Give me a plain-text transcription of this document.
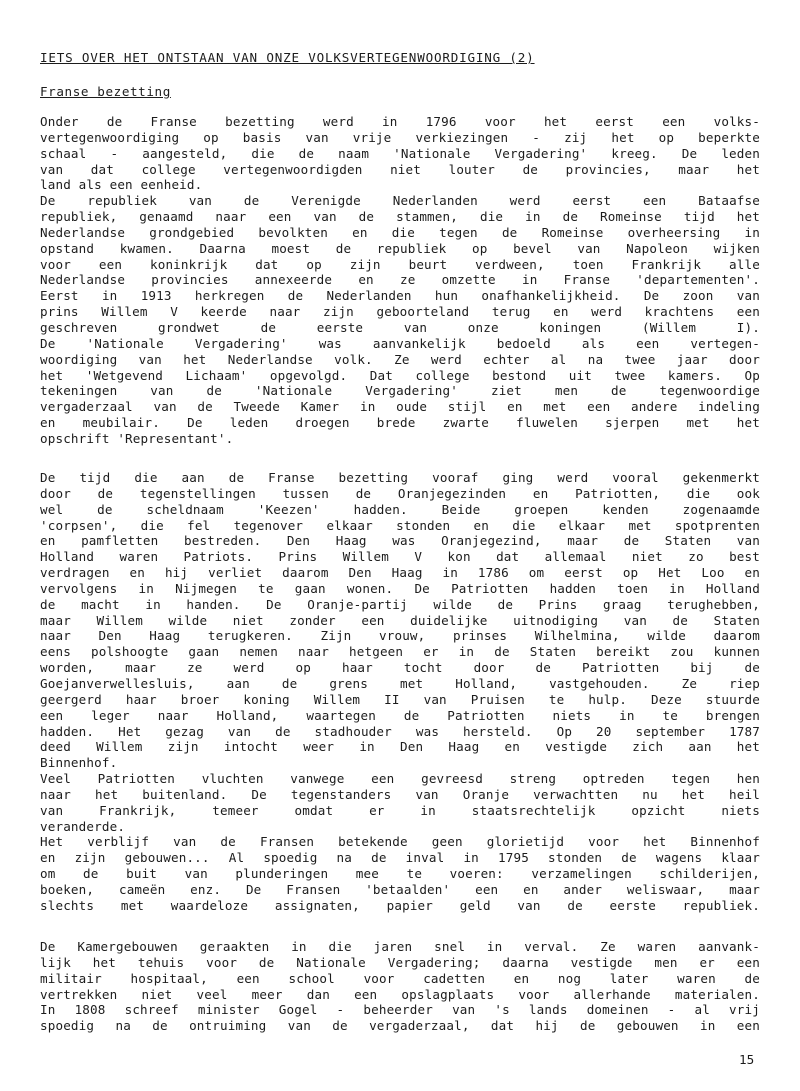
IETS OVER HET ONTSTAAN VAN ONZE VOLKSVERTEGENWOORDIGING (2)
Franse bezetting
Onder de Franse bezetting werd in 1796 voor het eerst een volks-
vertegenwoordiging op basis van vrije verkiezingen - zij het op beperkte
schaal - aangesteld, die de naam 'Nationale Vergadering' kreeg. De leden
van dat college vertegenwoordigden niet louter de provincies, maar het
land als een eenheid.
De republiek van de Verenigde Nederlanden werd eerst een Bataafse
republiek, genaamd naar een van de stammen, die in de Romeinse tijd het
Nederlandse grondgebied bevolkten en die tegen de Romeinse overheersing in
opstand kwamen. Daarna moest de republiek op bevel van Napoleon wijken
voor een koninkrijk dat op zijn beurt verdween, toen Frankrijk alle
Nederlandse provincies annexeerde en ze omzette in Franse 'departementen'.
Eerst in 1913 herkregen de Nederlanden hun onafhankelijkheid. De zoon van
prins Willem V keerde naar zijn geboorteland terug en werd krachtens een
geschreven grondwet de eerste van onze koningen (Willem I).
De 'Nationale Vergadering' was aanvankelijk bedoeld als een vertegen-
woordiging van het Nederlandse volk. Ze werd echter al na twee jaar door
het 'Wetgevend Lichaam' opgevolgd. Dat college bestond uit twee kamers. Op
tekeningen van de 'Nationale Vergadering' ziet men de tegenwoordige
vergaderzaal van de Tweede Kamer in oude stijl en met een andere indeling
en meubilair. De leden droegen brede zwarte fluwelen sjerpen met het
opschrift 'Representant'.
De tijd die aan de Franse bezetting vooraf ging werd vooral gekenmerkt
door de tegenstellingen tussen de Oranjegezinden en Patriotten, die ook
wel de scheldnaam 'Keezen' hadden. Beide groepen kenden zogenaamde
'corpsen', die fel tegenover elkaar stonden en die elkaar met spotprenten
en pamfletten bestreden. Den Haag was Oranjegezind, maar de Staten van
Holland waren Patriots. Prins Willem V kon dat allemaal niet zo best
verdragen en hij verliet daarom Den Haag in 1786 om eerst op Het Loo en
vervolgens in Nijmegen te gaan wonen. De Patriotten hadden toen in Holland
de macht in handen. De Oranje-partij wilde de Prins graag terughebben,
maar Willem wilde niet zonder een duidelijke uitnodiging van de Staten
naar Den Haag terugkeren. Zijn vrouw, prinses Wilhelmina, wilde daarom
eens polshoogte gaan nemen naar hetgeen er in de Staten bereikt zou kunnen
worden, maar ze werd op haar tocht door de Patriotten bij de
Goejanverwellesluis, aan de grens met Holland, vastgehouden. Ze riep
geergerd haar broer koning Willem II van Pruisen te hulp. Deze stuurde
een leger naar Holland, waartegen de Patriotten niets in te brengen
hadden. Het gezag van de stadhouder was hersteld. Op 20 september 1787
deed Willem zijn intocht weer in Den Haag en vestigde zich aan het
Binnenhof.
Veel Patriotten vluchten vanwege een gevreesd streng optreden tegen hen
naar het buitenland. De tegenstanders van Oranje verwachtten nu het heil
van Frankrijk, temeer omdat er in staatsrechtelijk opzicht niets
veranderde.
Het verblijf van de Fransen betekende geen glorietijd voor het Binnenhof
en zijn gebouwen... Al spoedig na de inval in 1795 stonden de wagens klaar
om de buit van plunderingen mee te voeren: verzamelingen schilderijen,
boeken, cameën enz. De Fransen 'betaalden' een en ander weliswaar, maar
slechts met waardeloze assignaten, papier geld van de eerste republiek.
De Kamergebouwen geraakten in die jaren snel in verval. Ze waren aanvank-
lijk het tehuis voor de Nationale Vergadering; daarna vestigde men er een
militair hospitaal, een school voor cadetten en nog later waren de
vertrekken niet veel meer dan een opslagplaats voor allerhande materialen.
In 1808 schreef minister Gogel - beheerder van 's lands domeinen - al vrij
spoedig na de ontruiming van de vergaderzaal, dat hij de gebouwen in een
15
